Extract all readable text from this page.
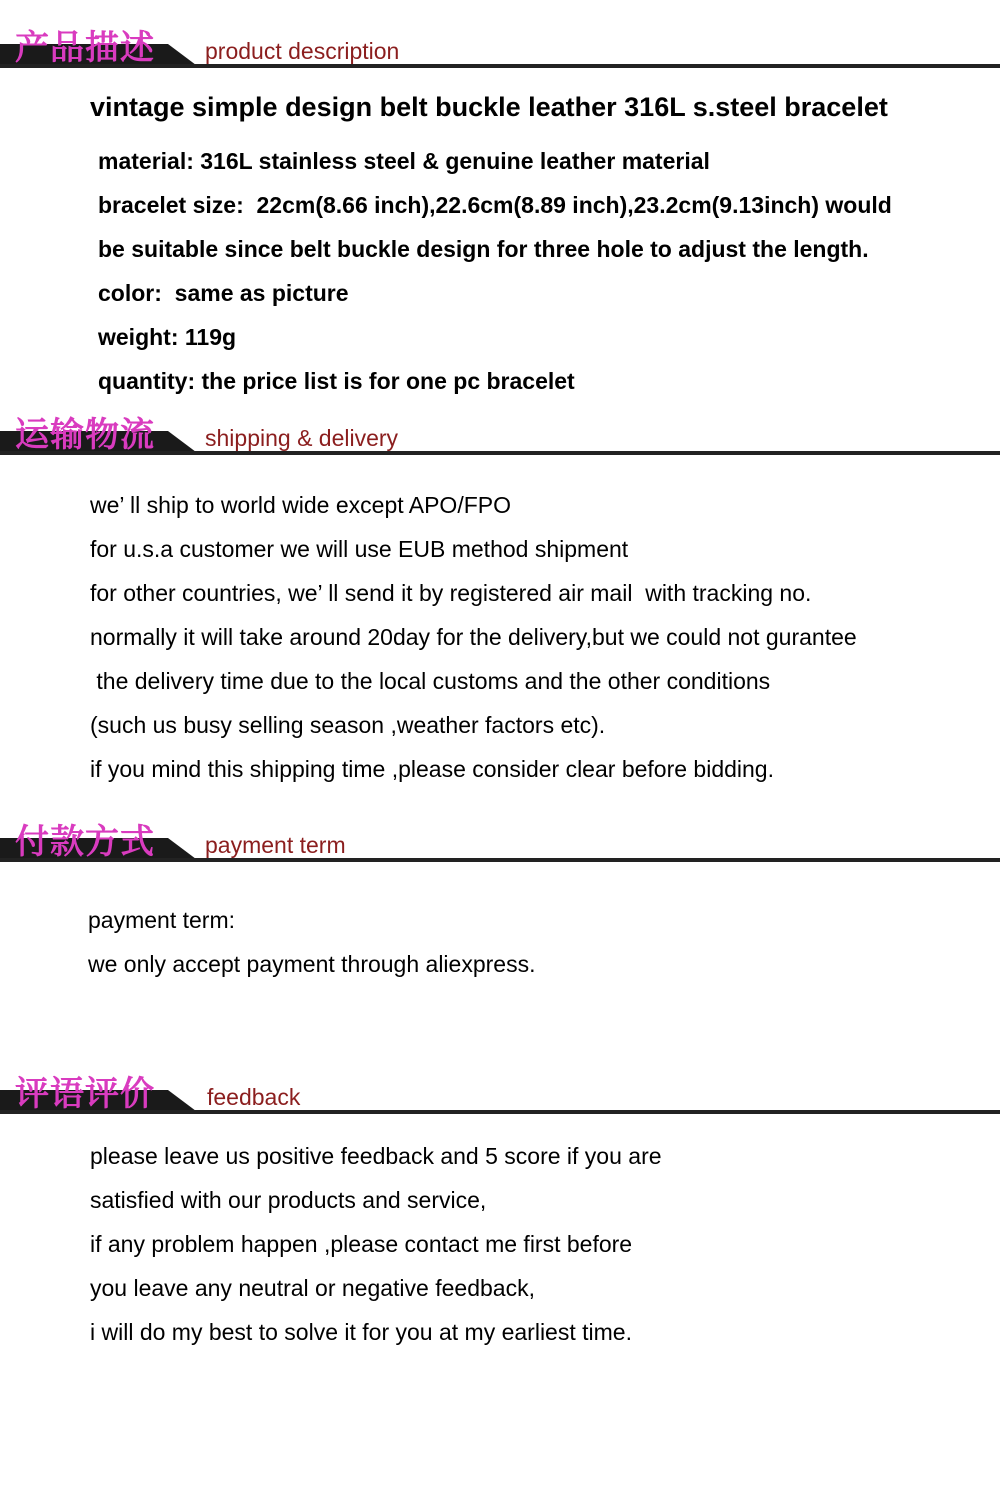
产品描述 product description
vintage simple design belt buckle leather 316L s.steel bracelet
material: 316L stainless steel & genuine leather material
bracelet size:  22cm(8.66 inch),22.6cm(8.89 inch),23.2cm(9.13inch) would
be suitable since belt buckle design for three hole to adjust the length.
color:  same as picture
weight: 119g
quantity: the price list is for one pc bracelet
运输物流 shipping & delivery
we’ ll ship to world wide except APO/FPO
for u.s.a customer we will use EUB method shipment
for other countries, we’ ll send it by registered air mail  with tracking no.
normally it will take around 20day for the delivery,but we could not gurantee
the delivery time due to the local customs and the other conditions
(such us busy selling season ,weather factors etc).
if you mind this shipping time ,please consider clear before bidding.
付款方式 payment term
payment term:
we only accept payment through aliexpress.
评语评价 feedback
please leave us positive feedback and 5 score if you are
satisfied with our products and service,
if any problem happen ,please contact me first before
you leave any neutral or negative feedback,
i will do my best to solve it for you at my earliest time.
